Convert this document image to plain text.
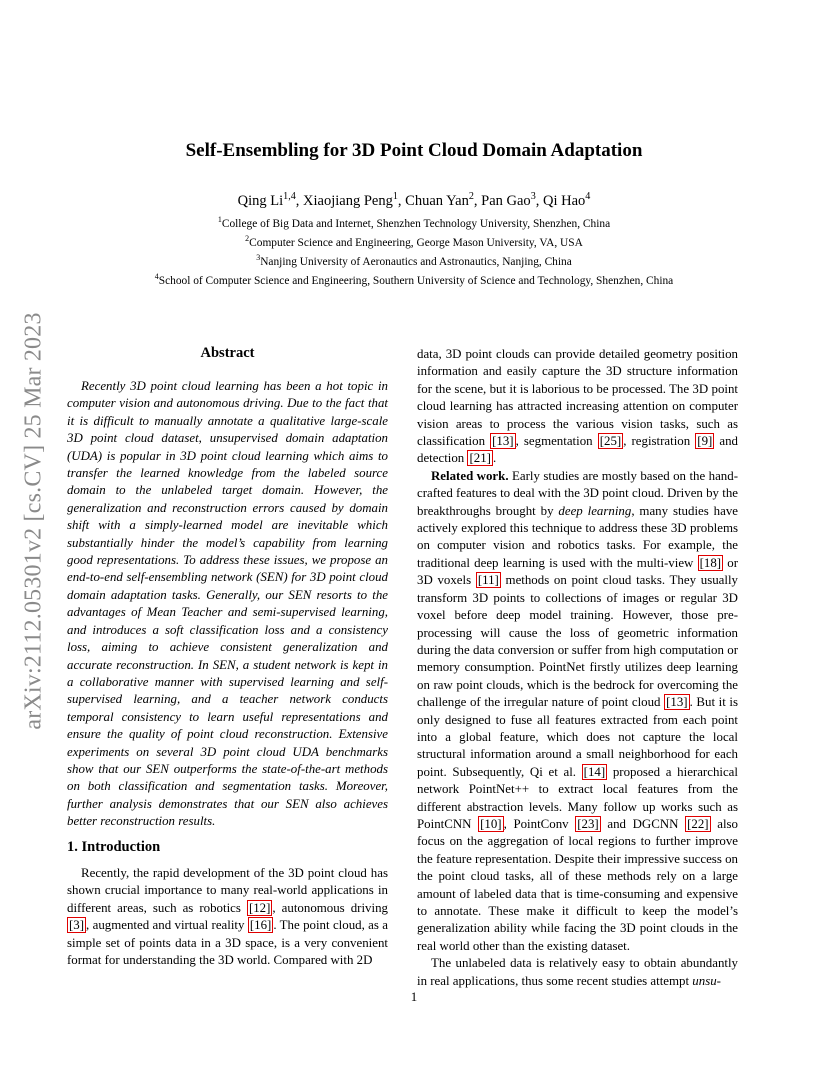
arXiv:2112.05301v2 [cs.CV] 25 Mar 2023
Self-Ensembling for 3D Point Cloud Domain Adaptation
Qing Li$^{1,4}$, Xiaojiang Peng$^1$, Chuan Yan$^2$, Pan Gao$^3$, Qi Hao$^4$
$^1$College of Big Data and Internet, Shenzhen Technology University, Shenzhen, China
$^2$Computer Science and Engineering, George Mason University, VA, USA
$^3$Nanjing University of Aeronautics and Astronautics, Nanjing, China
$^4$School of Computer Science and Engineering, Southern University of Science and Technology, Shenzhen, China
Abstract

Recently 3D point cloud learning has been a hot topic in computer vision and autonomous driving. Due to the fact that it is difficult to manually annotate a qualitative large-scale 3D point cloud dataset, unsupervised domain adaptation (UDA) is popular in 3D point cloud learning which aims to transfer the learned knowledge from the labeled source domain to the unlabeled target domain. However, the generalization and reconstruction errors caused by domain shift with a simply-learned model are inevitable which substantially hinder the model’s capability from learning good representations. To address these issues, we propose an end-to-end self-ensembling network (SEN) for 3D point cloud domain adaptation tasks. Generally, our SEN resorts to the advantages of Mean Teacher and semi-supervised learning, and introduces a soft classification loss and a consistency loss, aiming to achieve consistent generalization and accurate reconstruction. In SEN, a student network is kept in a collaborative manner with supervised learning and self-supervised learning, and a teacher network conducts temporal consistency to learn useful representations and ensure the quality of point cloud reconstruction. Extensive experiments on several 3D point cloud UDA benchmarks show that our SEN outperforms the state-of-the-art methods on both classification and segmentation tasks. Moreover, further analysis demonstrates that our SEN also achieves better reconstruction results.

1. Introduction

Recently, the rapid development of the 3D point cloud has shown crucial importance to many real-world applications in different areas, such as robotics [12] , autonomous driving [3] , augmented and virtual reality [16] . The point cloud, as a simple set of points data in a 3D space, is a very convenient format for understanding the 3D world. Compared with 2D

data, 3D point clouds can provide detailed geometry position information and easily capture the 3D structure information for the scene, but it is laborious to be processed. The 3D point cloud learning has attracted increasing attention on computer vision areas to process the various vision tasks, such as classification [13] , segmentation [25] , registration [9] and detection [21] .

Related work. Early studies are mostly based on the hand-crafted features to deal with the 3D point cloud. Driven by the breakthroughs brought by deep learning, many studies have actively explored this technique to address these 3D problems on computer vision and robotics tasks. For example, the traditional deep learning is used with the multi-view [18] or 3D voxels [11] methods on point cloud tasks. They usually transform 3D points to collections of images or regular 3D voxel before deep model training. However, those pre-processing will cause the loss of geometric information during the data conversion or suffer from high computation or memory consumption. PointNet firstly utilizes deep learning on raw point clouds, which is the bedrock for overcoming the challenge of the irregular nature of point cloud [13] . But it is only designed to fuse all features extracted from each point into a global feature, which does not capture the local structural information around a small neighborhood for each point. Subsequently, Qi et al. [14] proposed a hierarchical network PointNet++ to extract local features from the different abstraction levels. Many follow up works such as PointCNN [10] , PointConv [23] and DGCNN [22] also focus on the aggregation of local regions to further improve the feature representation. Despite their impressive success on the point cloud tasks, all of these methods rely on a large amount of labeled data that is time-consuming and expensive to annotate. These make it difficult to keep the model’s generalization ability while facing the 3D point clouds in the real world other than the existing dataset.

The unlabeled data is relatively easy to obtain abundantly in real applications, thus some recent studies attempt unsu-

1
